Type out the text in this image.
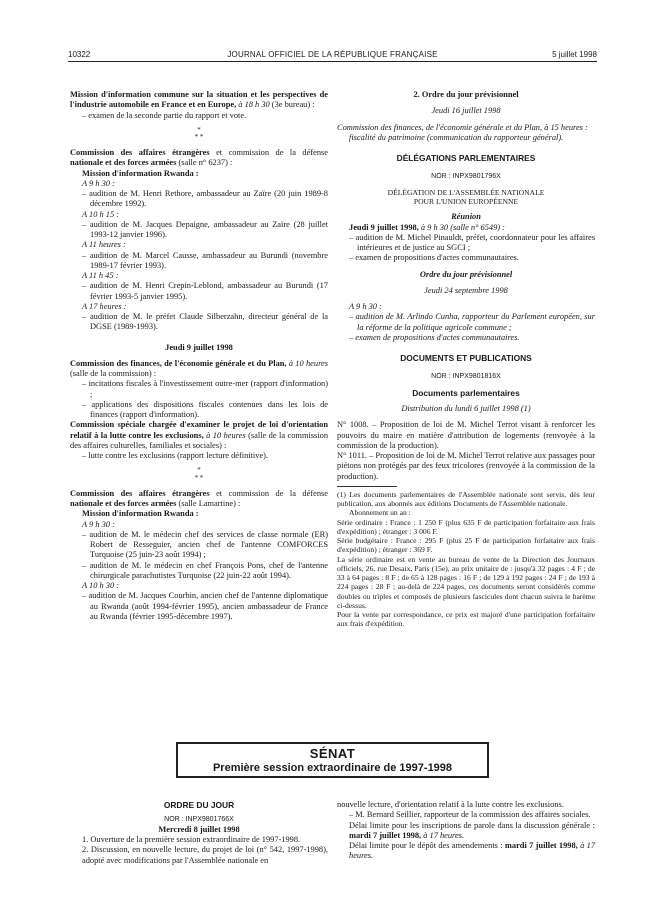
10322	JOURNAL OFFICIEL DE LA RÉPUBLIQUE FRANÇAISE	5 juillet 1998

Mission d'information commune sur la situation et les perspectives de l'industrie automobile en France et en Europe, à 18 h 30 (3e bureau) :

– examen de la seconde partie du rapport et vote.

*
* *

Commission des affaires étrangères et commission de la défense nationale et des forces armées (salle n° 6237) :

Mission d'information Rwanda :

A 9 h 30 :

– audition de M. Henri Rethore, ambassadeur au Zaïre (20 juin 1989-8 décembre 1992).

A 10 h 15 :

– audition de M. Jacques Depaigne, ambassadeur au Zaïre (28 juillet 1993-12 janvier 1996).

A 11 heures :

– audition de M. Marcel Causse, ambassadeur au Burundi (novembre 1989-17 février 1993).

A 11 h 45 :

– audition de M. Henri Crepin-Leblond, ambassadeur au Burundi (17 février 1993-5 janvier 1995).

A 17 heures :

– audition de M. le préfet Claude Silberzahn, directeur général de la DGSE (1989-1993).

Jeudi 9 juillet 1998

Commission des finances, de l'économie générale et du Plan, à 10 heures (salle de la commission) :

– incitations fiscales à l'investissement outre-mer (rapport d'information) ;

– applications des dispositions fiscales contenues dans les lois de finances (rapport d'information).

Commission spéciale chargée d'examiner le projet de loi d'orientation relatif à la lutte contre les exclusions, à 10 heures (salle de la commission des affaires culturelles, familiales et sociales) :

– lutte contre les exclusions (rapport lecture définitive).

*
* *

Commission des affaires étrangères et commission de la défense nationale et des forces armées (salle Lamartine) :

Mission d'information Rwanda :

A 9 h 30 :

– audition de M. le médecin chef des services de classe normale (ER) Robert de Resseguier, ancien chef de l'antenne COMFORCES Turquoise (25 juin-23 août 1994) ;

– audition de M. le médecin en chef François Pons, chef de l'antenne chirurgicale parachutistes Turquoise (22 juin-22 août 1994).

A 10 h 30 :

– audition de M. Jacques Courbin, ancien chef de l'antenne diplomatique au Rwanda (août 1994-février 1995), ancien ambassadeur de France au Rwanda (février 1995-décembre 1997).

2. Ordre du jour prévisionnel

Jeudi 16 juillet 1998

Commission des finances, de l'économie générale et du Plan, à 15 heures :

fiscalité du patrimoine (communication du rapporteur général).

DÉLÉGATIONS PARLEMENTAIRES

NOR : INPX9801796X

DÉLÉGATION DE L'ASSEMBLÉE NATIONALE

POUR L'UNION EUROPÉENNE

Réunion

Jeudi 9 juillet 1998, à 9 h 30 (salle n° 6549) :

– audition de M. Michel Pinauldt, préfet, coordonnateur pour les affaires intérieures et de justice au SGCI ;

– examen de propositions d'actes communautaires.

Ordre du jour prévisionnel

Jeudi 24 septembre 1998

A 9 h 30 :

– audition de M. Arlindo Cunha, rapporteur du Parlement européen, sur la réforme de la politique agricole commune ;

– examen de propositions d'actes communautaires.

DOCUMENTS ET PUBLICATIONS

NOR : INPX9801816X

Documents parlementaires

Distribution du lundi 6 juillet 1998 (1)

N° 1008. – Proposition de loi de M. Michel Terrot visant à renforcer les pouvoirs du maire en matière d'attribution de logements (renvoyée à la commission de la production).

N° 1011. – Proposition de loi de M. Michel Terrot relative aux passages pour piétons non protégés par des feux tricolores (renvoyée à la commission de la production).

(1) Les documents parlementaires de l'Assemblée nationale sont servis, dès leur publication, aux abonnés aux éditions Documents de l'Assemblée nationale.

Abonnement un an :

Série ordinaire : France : 1 250 F (plus 635 F de participation forfaitaire aux frais d'expédition) ; étranger : 3 006 F.

Série budgétaire : France : 295 F (plus 25 F de participation forfaitaire aux frais d'expédition) ; étranger : 369 F.

La série ordinaire est en vente au bureau de vente de la Direction des Journaux officiels, 26, rue Desaix, Paris (15e), au prix unitaire de : jusqu'à 32 pages : 4 F ; de 33 à 64 pages : 8 F ; de 65 à 128 pages : 16 F ; de 129 à 192 pages : 24 F ; de 193 à 224 pages : 28 F ; au-delà de 224 pages, ces documents seront considérés comme doubles ou triples et composés de plusieurs fascicules dont chacun suivra le barème ci-dessus.

Pour la vente par correspondance, ce prix est majoré d'une participation forfaitaire aux frais d'expédition.

SÉNAT
Première session extraordinaire de 1997-1998

ORDRE DU JOUR

NOR : INPX9801766X

Mercredi 8 juillet 1998

1. Ouverture de la première session extraordinaire de 1997-1998.

2. Discussion, en nouvelle lecture, du projet de loi (n° 542, 1997-1998), adopté avec modifications par l'Assemblée nationale en

nouvelle lecture, d'orientation relatif à la lutte contre les exclusions.

– M. Bernard Seillier, rapporteur de la commission des affaires sociales.

Délai limite pour les inscriptions de parole dans la discussion générale : mardi 7 juillet 1998, à 17 heures.

Délai limite pour le dépôt des amendements : mardi 7 juillet 1998, à 17 heures.
